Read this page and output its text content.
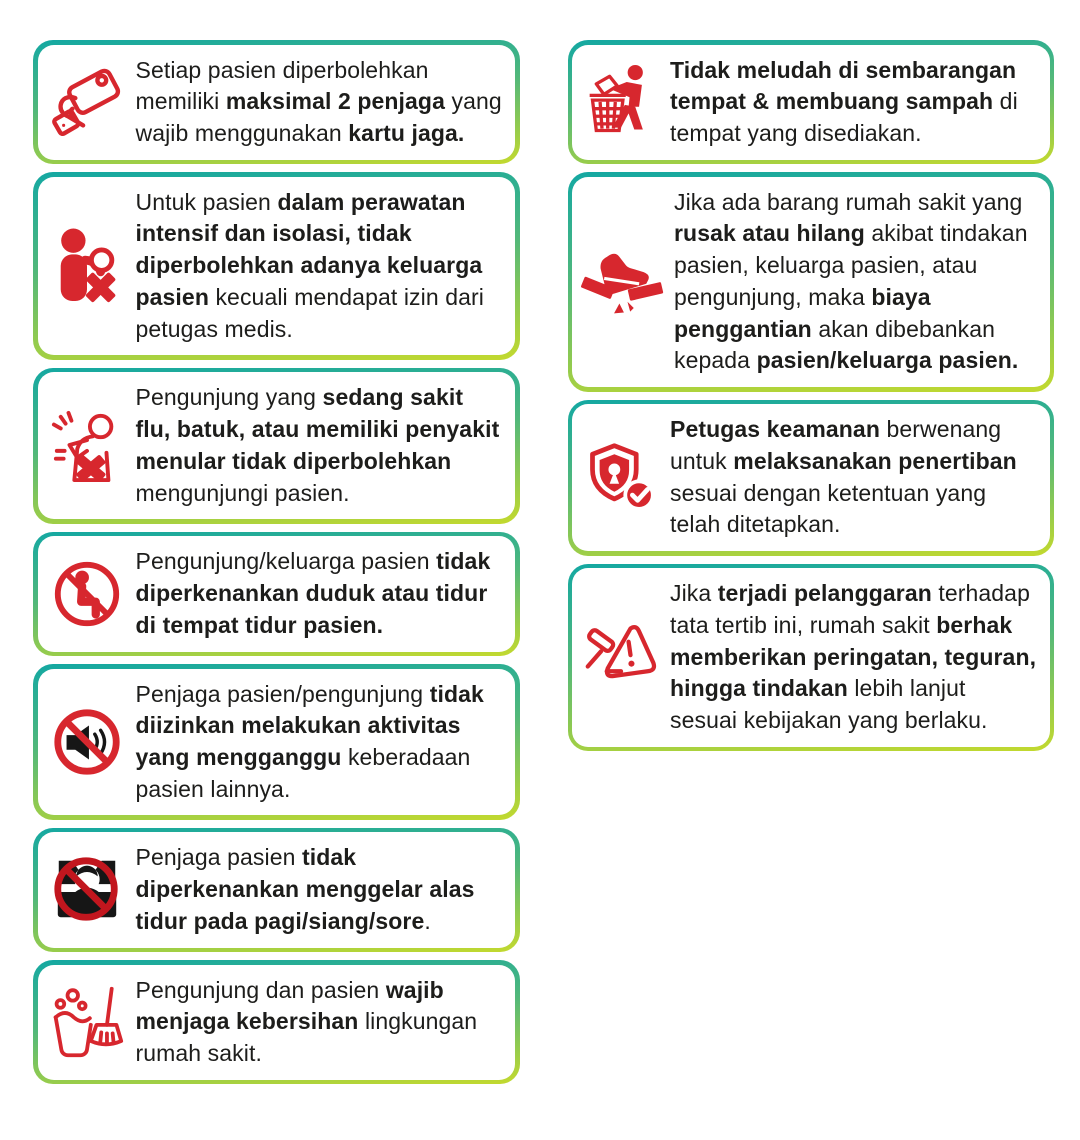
Setiap pasien diperbolehkan memiliki maksimal 2 penjaga yang wajib menggunakan kartu jaga.
Untuk pasien dalam perawatan intensif dan isolasi, tidak diperbolehkan adanya keluarga pasien kecuali mendapat izin dari petugas medis.
Pengunjung yang sedang sakit flu, batuk, atau memiliki penyakit menular tidak diperbolehkan mengunjungi pasien.
Pengunjung/keluarga pasien tidak diperkenankan duduk atau tidur di tempat tidur pasien.
Penjaga pasien/pengunjung tidak diizinkan melakukan aktivitas yang mengganggu keberadaan pasien lainnya.
Penjaga pasien tidak diperkenankan menggelar alas tidur pada pagi/siang/sore.
Pengunjung dan pasien wajib menjaga kebersihan lingkungan rumah sakit.
Tidak meludah di sembarangan tempat & membuang sampah di tempat yang disediakan.
Jika ada barang rumah sakit yang rusak atau hilang akibat tindakan pasien, keluarga pasien, atau pengunjung, maka biaya penggantian akan dibebankan kepada pasien/keluarga pasien.
Petugas keamanan berwenang untuk melaksanakan penertiban sesuai dengan ketentuan yang telah ditetapkan.
Jika terjadi pelanggaran terhadap tata tertib ini, rumah sakit berhak memberikan peringatan, teguran, hingga tindakan lebih lanjut sesuai kebijakan yang berlaku.
